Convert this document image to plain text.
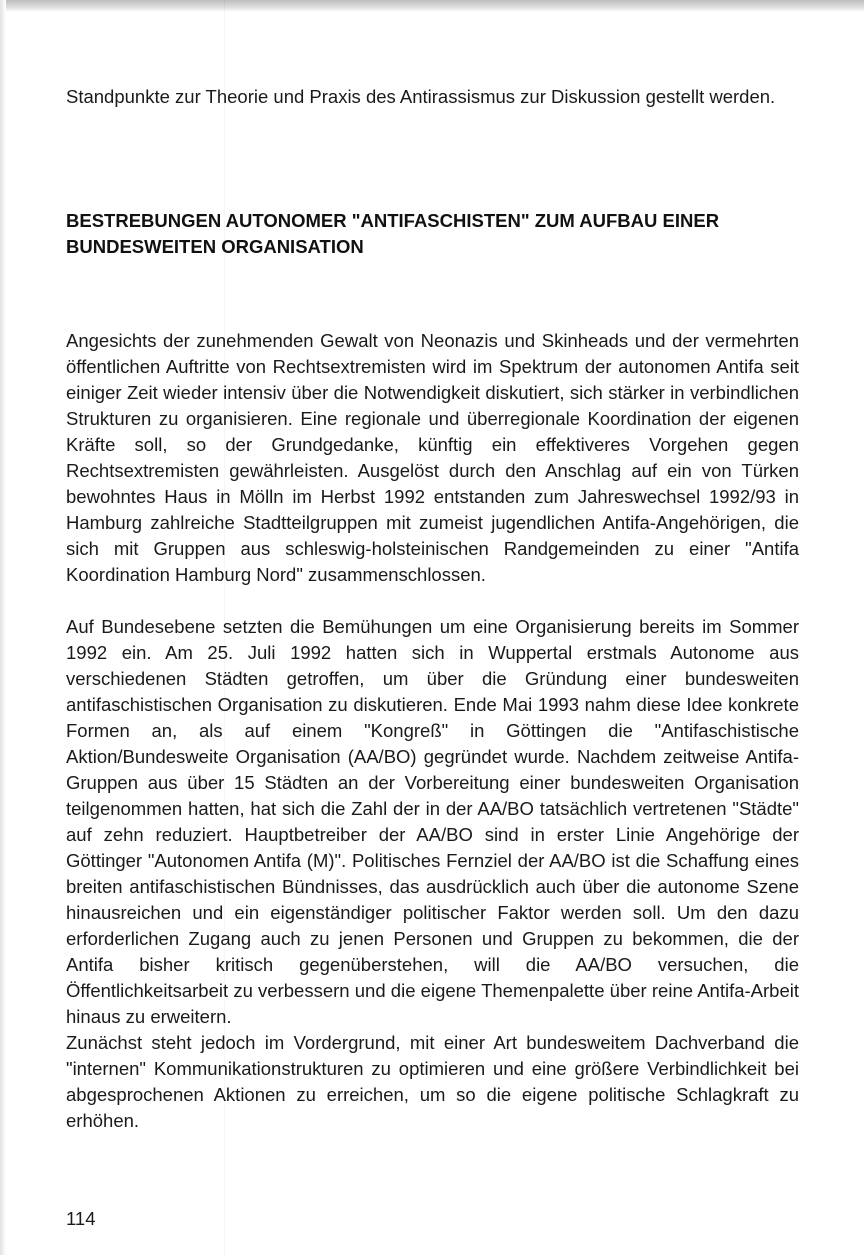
Standpunkte zur Theorie und Praxis des Antirassismus zur Diskussion gestellt werden.

BESTREBUNGEN AUTONOMER "ANTIFASCHISTEN" ZUM AUFBAU EINER BUNDESWEITEN ORGANISATION

Angesichts der zunehmenden Gewalt von Neonazis und Skinheads und der vermehrten öffentlichen Auftritte von Rechtsextremisten wird im Spektrum der autonomen Antifa seit einiger Zeit wieder intensiv über die Notwendigkeit diskutiert, sich stärker in verbindlichen Strukturen zu organisieren. Eine regionale und überregionale Koordination der eigenen Kräfte soll, so der Grundgedanke, künftig ein effektiveres Vorgehen gegen Rechtsextremisten gewährleisten. Ausgelöst durch den Anschlag auf ein von Türken bewohntes Haus in Mölln im Herbst 1992 entstanden zum Jahreswechsel 1992/93 in Hamburg zahlreiche Stadtteilgruppen mit zumeist jugendlichen Antifa-Angehörigen, die sich mit Gruppen aus schleswig-holsteinischen Randgemeinden zu einer "Antifa Koordination Hamburg Nord" zusammenschlossen.

Auf Bundesebene setzten die Bemühungen um eine Organisierung bereits im Sommer 1992 ein. Am 25. Juli 1992 hatten sich in Wuppertal erstmals Autonome aus verschiedenen Städten getroffen, um über die Gründung einer bundesweiten antifaschistischen Organisation zu diskutieren. Ende Mai 1993 nahm diese Idee konkrete Formen an, als auf einem "Kongreß" in Göttingen die "Antifaschistische Aktion/Bundesweite Organisation (AA/BO) gegründet wurde. Nachdem zeitweise Antifa-Gruppen aus über 15 Städten an der Vorbereitung einer bundesweiten Organisation teilgenommen hatten, hat sich die Zahl der in der AA/BO tatsächlich vertretenen "Städte" auf zehn reduziert. Hauptbetreiber der AA/BO sind in erster Linie Angehörige der Göttinger "Autonomen Antifa (M)". Politisches Fernziel der AA/BO ist die Schaffung eines breiten antifaschistischen Bündnisses, das ausdrücklich auch über die autonome Szene hinausreichen und ein eigenständiger politischer Faktor werden soll. Um den dazu erforderlichen Zugang auch zu jenen Personen und Gruppen zu bekommen, die der Antifa bisher kritisch gegenüberstehen, will die AA/BO versuchen, die Öffentlichkeitsarbeit zu verbessern und die eigene Themenpalette über reine Antifa-Arbeit hinaus zu erweitern.

Zunächst steht jedoch im Vordergrund, mit einer Art bundesweitem Dachverband die "internen" Kommunikationstrukturen zu optimieren und eine größere Verbindlichkeit bei abgesprochenen Aktionen zu erreichen, um so die eigene politische Schlagkraft zu erhöhen.

114
